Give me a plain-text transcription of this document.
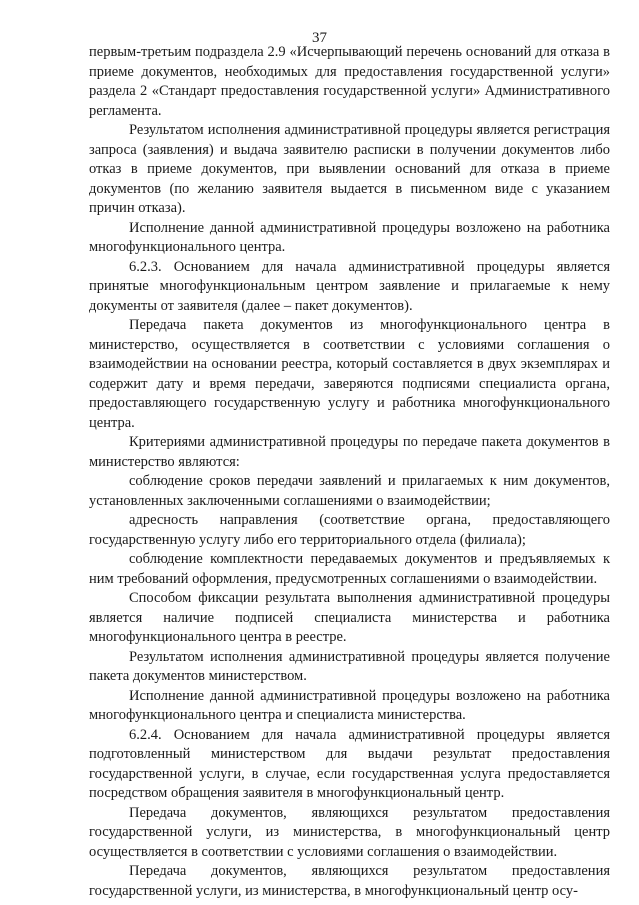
37

первым-третьим подраздела 2.9 «Исчерпывающий перечень оснований для отказа в приеме документов, необходимых для предоставления государственной услуги» раздела 2 «Стандарт предоставления государственной услуги» Административного регламента.

Результатом исполнения административной процедуры является регистрация запроса (заявления) и выдача заявителю расписки в получении документов либо отказ в приеме документов, при выявлении оснований для отказа в приеме документов (по желанию заявителя выдается в письменном виде с указанием причин отказа).

Исполнение данной административной процедуры возложено на работника многофункционального центра.

6.2.3. Основанием для начала административной процедуры является принятые многофункциональным центром заявление и прилагаемые к нему документы от заявителя (далее – пакет документов).

Передача пакета документов из многофункционального центра в министерство, осуществляется в соответствии с условиями соглашения о взаимодействии на основании реестра, который составляется в двух экземплярах и содержит дату и время передачи, заверяются подписями специалиста органа, предоставляющего государственную услугу и работника многофункционального центра.

Критериями административной процедуры по передаче пакета документов в министерство являются:

соблюдение сроков передачи заявлений и прилагаемых к ним документов, установленных заключенными соглашениями о взаимодействии;

адресность направления (соответствие органа, предоставляющего государственную услугу либо его территориального отдела (филиала);

соблюдение комплектности передаваемых документов и предъявляемых к ним требований оформления, предусмотренных соглашениями о взаимодействии.

Способом фиксации результата выполнения административной процедуры является наличие подписей специалиста министерства и работника многофункционального центра в реестре.

Результатом исполнения административной процедуры является получение пакета документов министерством.

Исполнение данной административной процедуры возложено на работника многофункционального центра и специалиста министерства.

6.2.4. Основанием для начала административной процедуры является подготовленный министерством для выдачи результат предоставления государственной услуги, в случае, если государственная услуга предоставляется посредством обращения заявителя в многофункциональный центр.

Передача документов, являющихся результатом предоставления государственной услуги, из министерства, в многофункциональный центр осуществляется в соответствии с условиями соглашения о взаимодействии.

Передача документов, являющихся результатом предоставления государственной услуги, из министерства, в многофункциональный центр осу-
